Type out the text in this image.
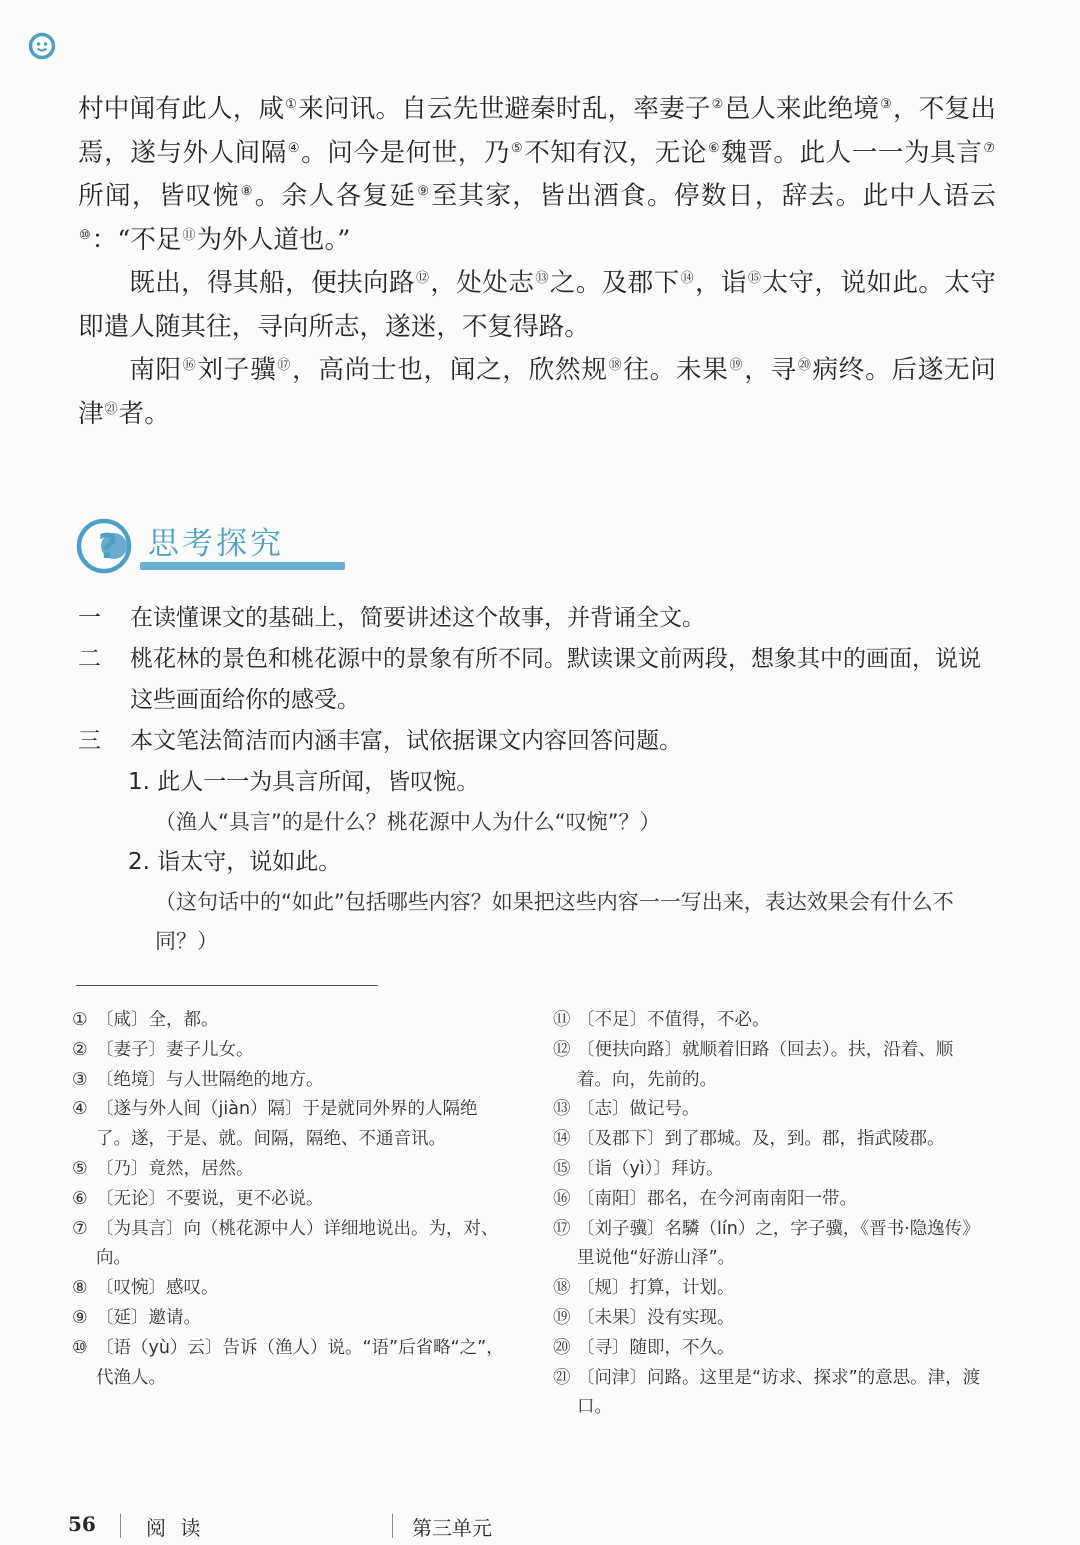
村中闻有此人，咸①来问讯。自云先世避秦时乱，率妻子②邑人来此绝境③，不复出焉，遂与外人间隔④。问今是何世，乃⑤不知有汉，无论⑥魏晋。此人一一为具言⑦所闻，皆叹惋⑧。余人各复延⑨至其家，皆出酒食。停数日，辞去。此中人语云⑩：“不足⑪为外人道也。”

既出，得其船，便扶向路⑫，处处志⑬之。及郡下⑭，诣⑮太守，说如此。太守即遣人随其往，寻向所志，遂迷，不复得路。

南阳⑯刘子骥⑰，高尚士也，闻之，欣然规⑱往。未果⑲，寻⑳病终。后遂无问津$^㉑$者。

? 思考探究
一	在读懂课文的基础上，简要讲述这个故事，并背诵全文。
二	桃花林的景色和桃花源中的景象有所不同。默读课文前两段，想象其中的画面，说说这些画面给你的感受。
三	本文笔法简洁而内涵丰富，试依据课文内容回答问题。
1. 此人一一为具言所闻，皆叹惋。
（渔人“具言”的是什么？桃花源中人为什么“叹惋”？）
2. 诣太守，说如此。
（这句话中的“如此”包括哪些内容？如果把这些内容一一写出来，表达效果会有什么不同？）
① 〔咸〕全，都。
② 〔妻子〕妻子儿女。
③ 〔绝境〕与人世隔绝的地方。
④ 〔遂与外人间（jiàn）隔〕于是就同外界的人隔绝了。遂，于是、就。间隔，隔绝、不通音讯。
⑤ 〔乃〕竟然，居然。
⑥ 〔无论〕不要说，更不必说。
⑦ 〔为具言〕向（桃花源中人）详细地说出。为，对、向。
⑧ 〔叹惋〕感叹。
⑨ 〔延〕邀请。
⑩ 〔语（yù）云〕告诉（渔人）说。“语”后省略“之”，代渔人。
⑪ 〔不足〕不值得，不必。
⑫ 〔便扶向路〕就顺着旧路（回去）。扶，沿着、顺着。向，先前的。
⑬ 〔志〕做记号。
⑭ 〔及郡下〕到了郡城。及，到。郡，指武陵郡。
⑮ 〔诣（yì）〕拜访。
⑯ 〔南阳〕郡名，在今河南南阳一带。
⑰ 〔刘子骥〕名驎（lín）之，字子骥，《晋书·隐逸传》里说他“好游山泽”。
⑱ 〔规〕打算，计划。
⑲ 〔未果〕没有实现。
⑳ 〔寻〕随即，不久。
㉑ 〔问津〕问路。这里是“访求、探求”的意思。津，渡口。
56	阅 读	第三单元
